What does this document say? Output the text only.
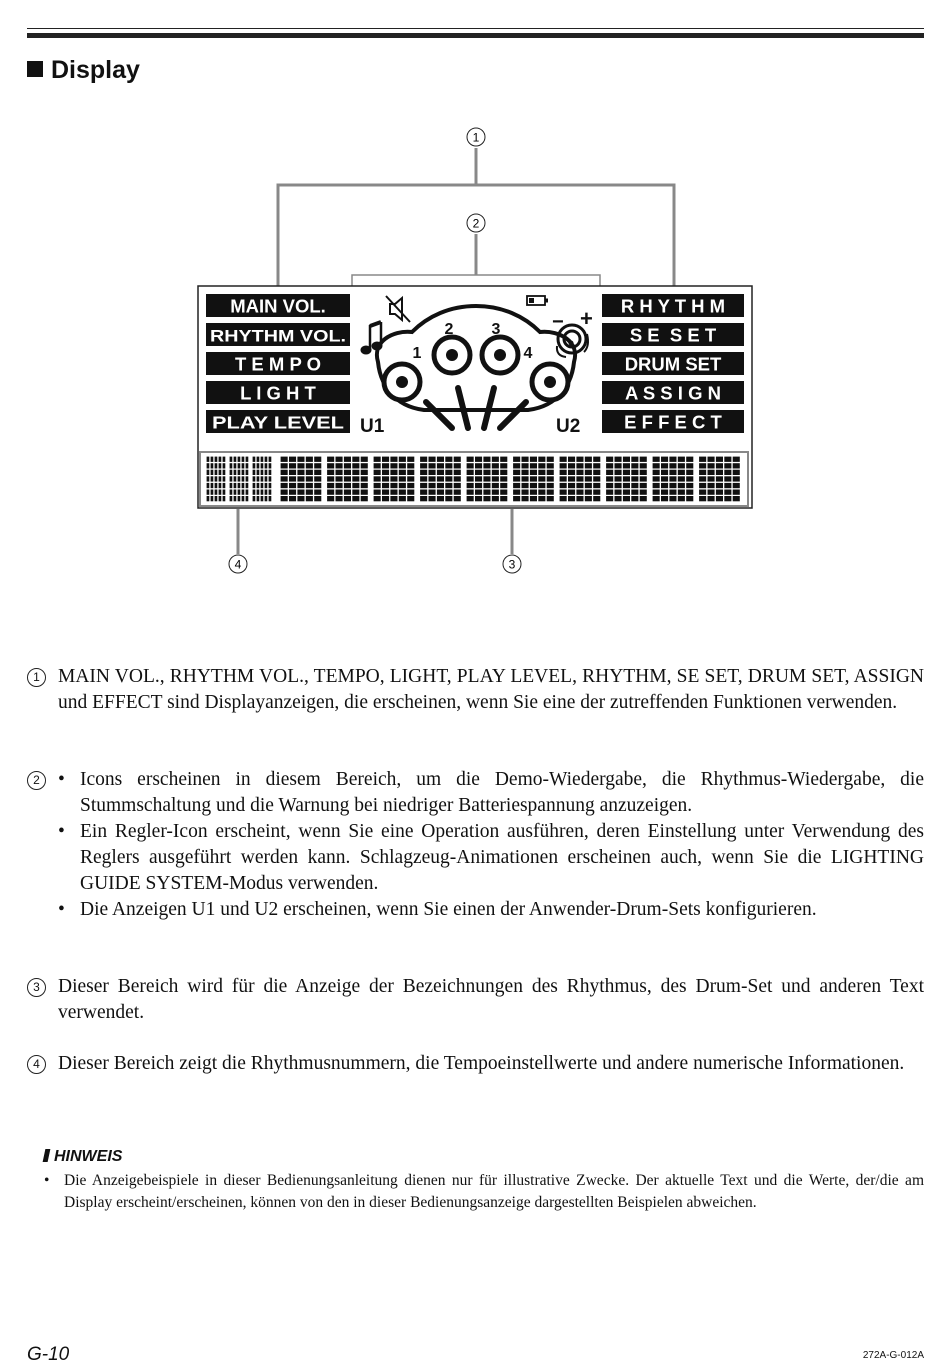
Display
1
2
4	3
MAIN VOL.
RHYTHM VOL.
T E M P O
L I G H T
PLAY LEVEL
R H Y T H M
S E  S E T
DRUM SET
A S S I G N
E F F E C T
− +
1
2 3
4
U1	U2
1 MAIN VOL., RHYTHM VOL., TEMPO, LIGHT, PLAY LEVEL, RHYTHM, SE SET, DRUM SET, ASSIGN und EFFECT sind Displayanzeigen, die erscheinen, wenn Sie eine der zutreffenden Funktionen verwenden.
2 • Icons erscheinen in diesem Bereich, um die Demo-Wiedergabe, die Rhythmus-Wiedergabe, die Stummschaltung und die Warnung bei niedriger Batteriespannung anzuzeigen.
• Ein Regler-Icon erscheint, wenn Sie eine Operation ausführen, deren Einstellung unter Verwendung des Reglers ausgeführt werden kann. Schlagzeug-Animationen erscheinen auch, wenn Sie die LIGHTING GUIDE SYSTEM-Modus verwenden.
• Die Anzeigen U1 und U2 erscheinen, wenn Sie einen der Anwender-Drum-Sets konfigurieren.
3 Dieser Bereich wird für die Anzeige der Bezeichnungen des Rhythmus, des Drum-Set und anderen Text verwendet.
4 Dieser Bereich zeigt die Rhythmusnummern, die Tempoeinstellwerte und andere numerische Informationen.
HINWEIS
• Die Anzeigebeispiele in dieser Bedienungsanleitung dienen nur für illustrative Zwecke. Der aktuelle Text und die Werte, der/die am Display erscheint/erscheinen, können von den in dieser Bedienungsanzeige dargestellten Beispielen abweichen.
G-10	272A-G-012A
